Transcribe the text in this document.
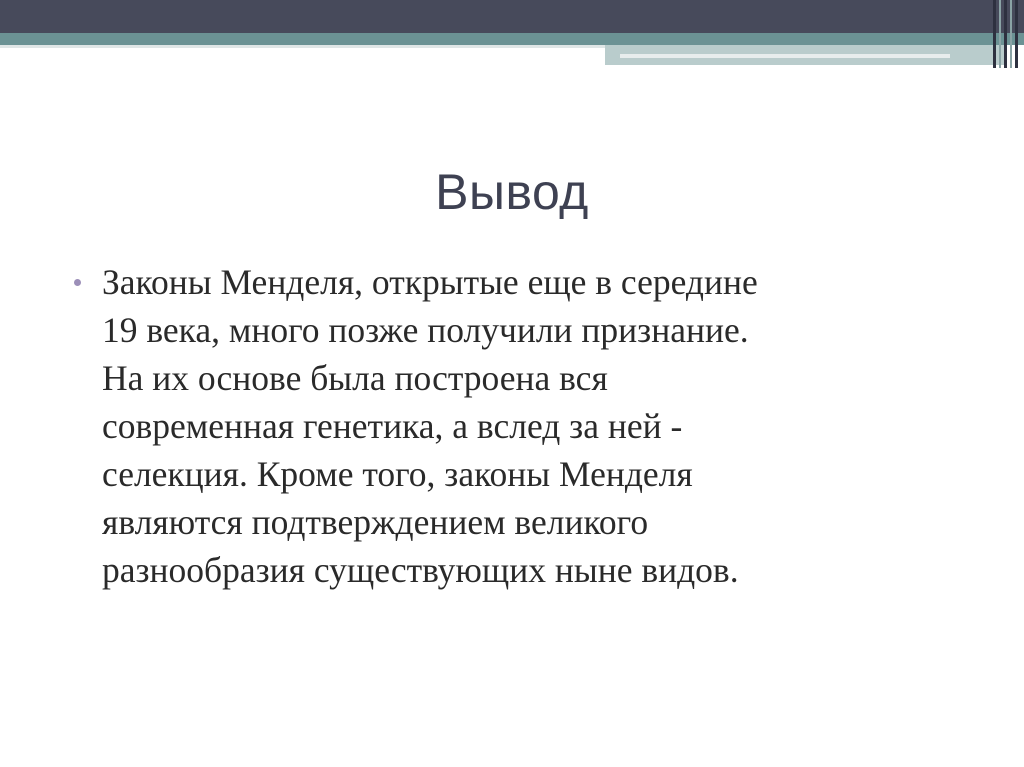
Вывод
Законы Менделя, открытые еще в середине
19 века, много позже получили признание.
На их основе была построена вся
современная генетика, а вслед за ней -
селекция. Кроме того, законы Менделя
являются подтверждением великого
разнообразия существующих ныне видов.
